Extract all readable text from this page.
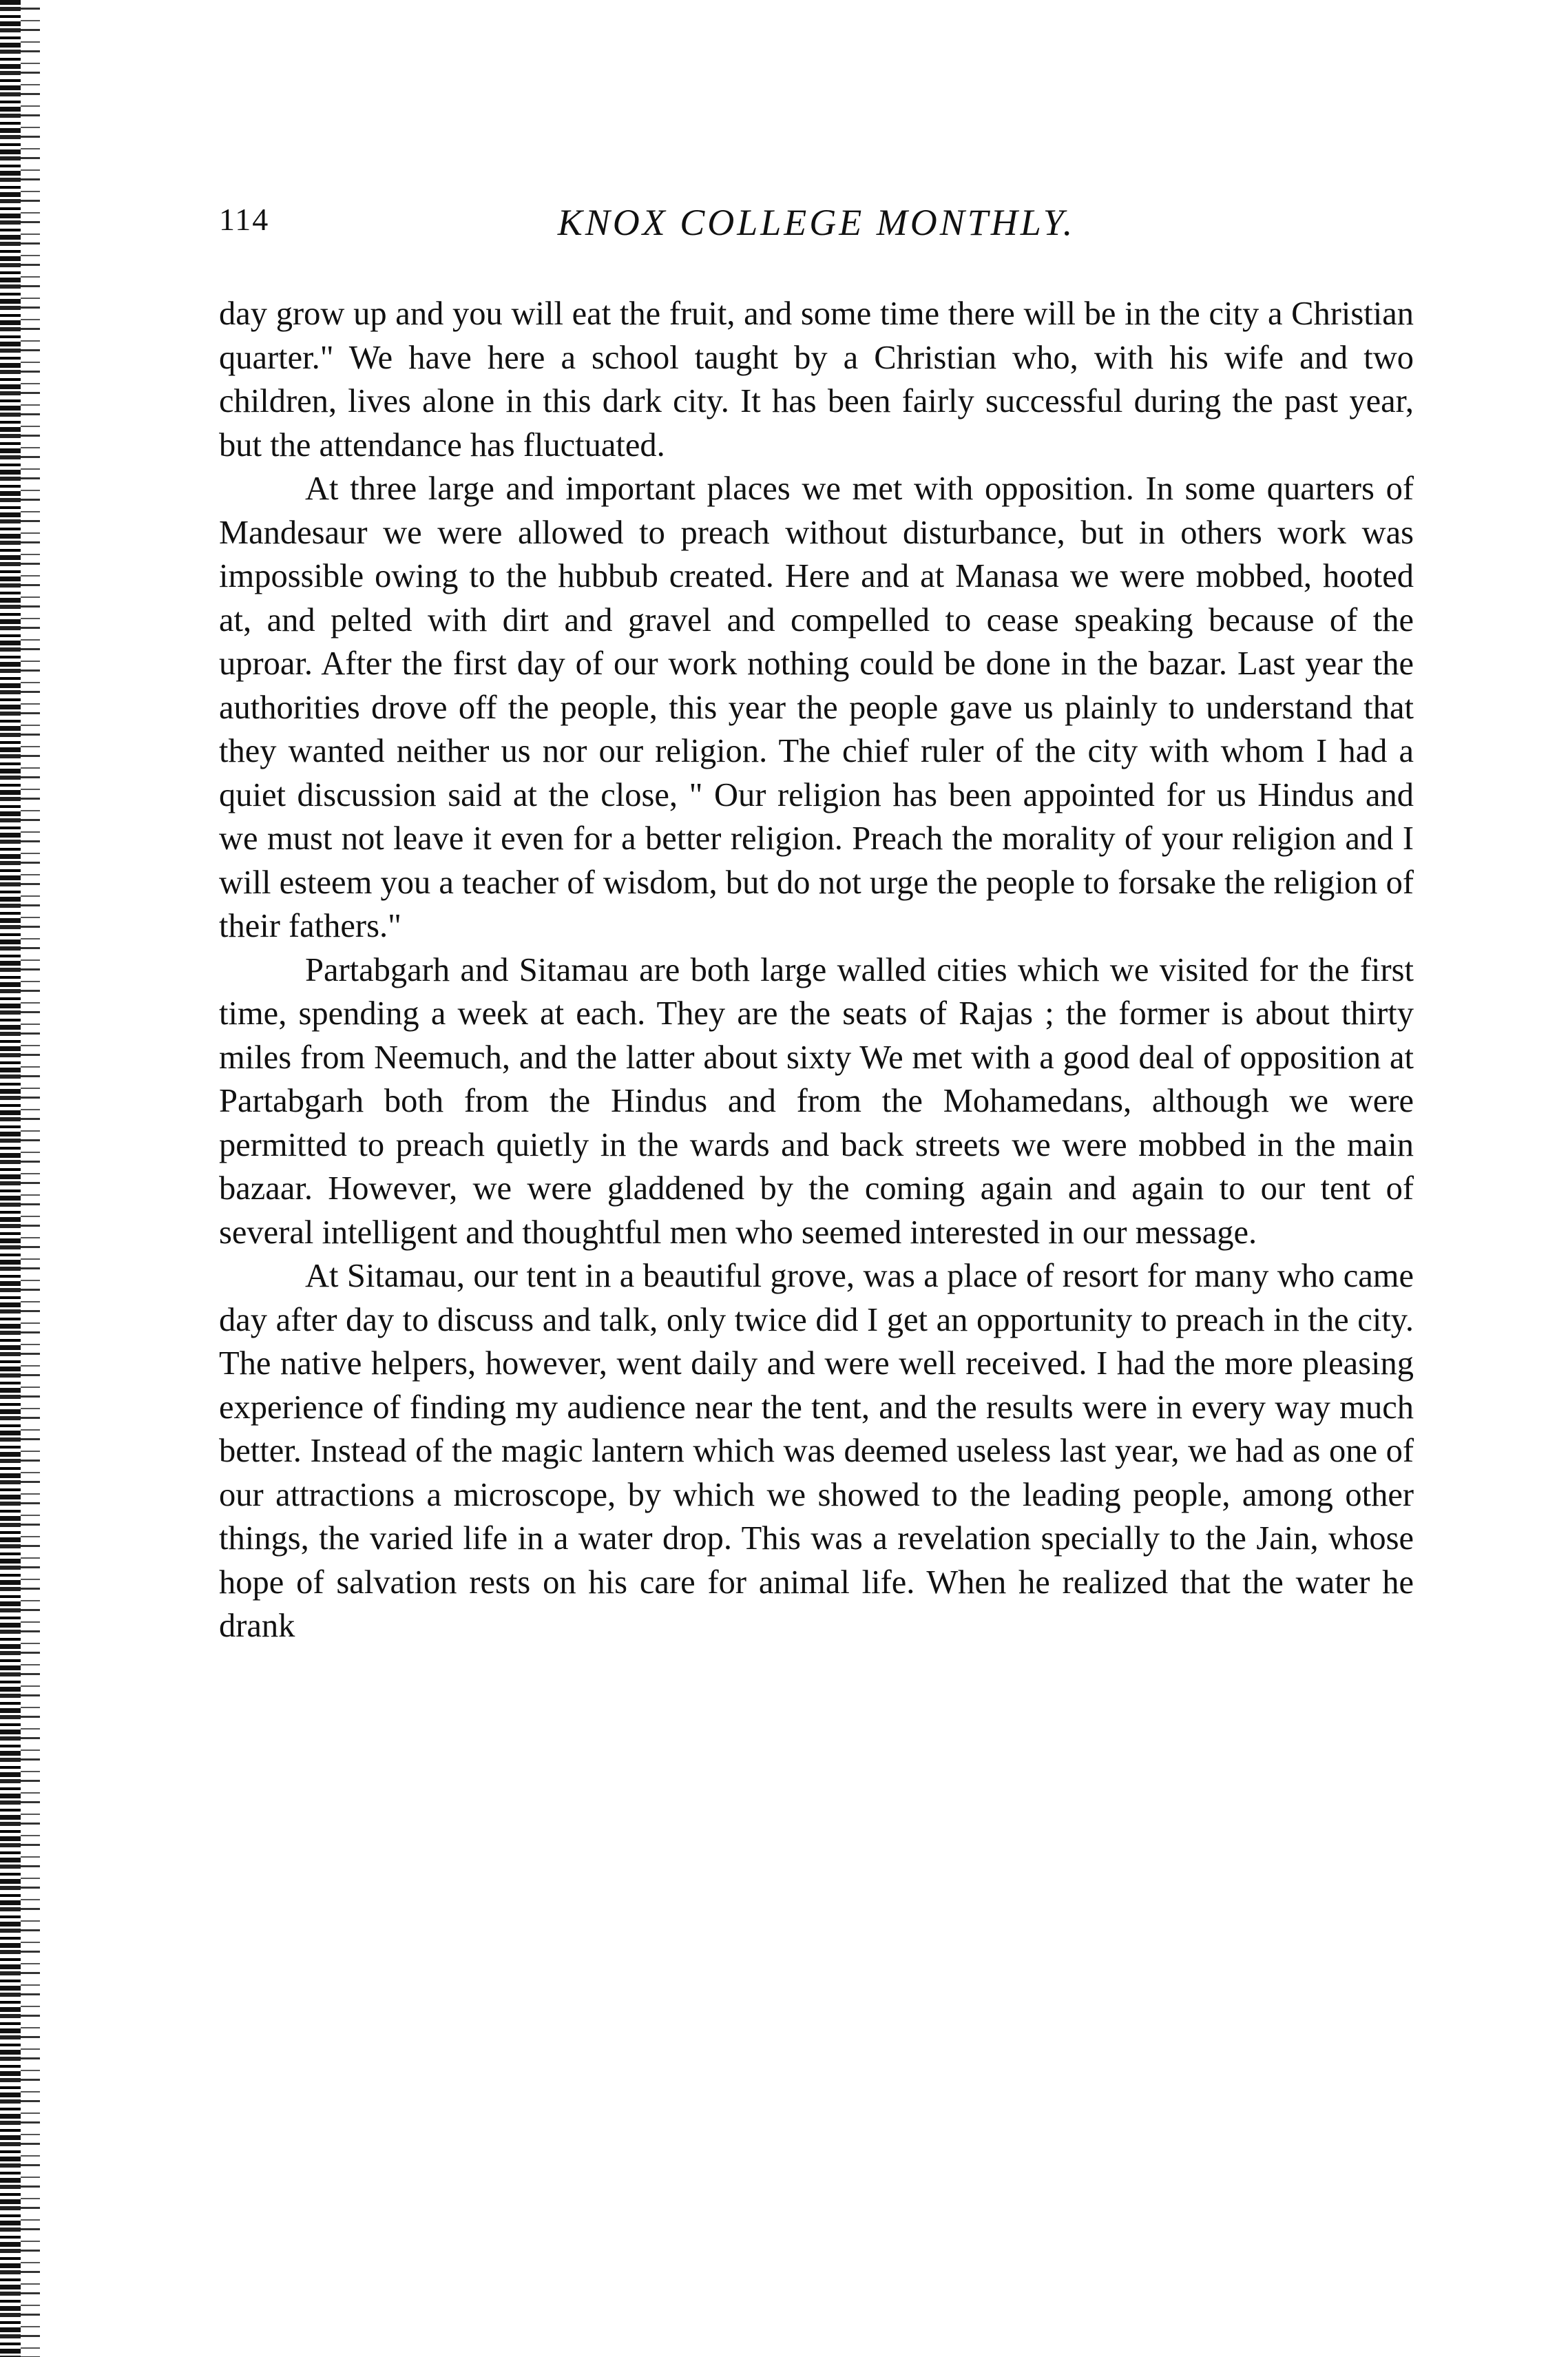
114	KNOX COLLEGE MONTHLY.

day grow up and you will eat the fruit, and some time there will be in the city a Christian quarter." We have here a school taught by a Christian who, with his wife and two children, lives alone in this dark city. It has been fairly successful during the past year, but the attendance has fluctuated.

At three large and important places we met with opposition. In some quarters of Mandesaur we were allowed to preach without disturbance, but in others work was impossible owing to the hubbub created. Here and at Manasa we were mobbed, hooted at, and pelted with dirt and gravel and compelled to cease speaking because of the uproar. After the first day of our work nothing could be done in the bazar. Last year the authorities drove off the people, this year the people gave us plainly to understand that they wanted neither us nor our religion. The chief ruler of the city with whom I had a quiet discussion said at the close, " Our religion has been appointed for us Hindus and we must not leave it even for a better religion. Preach the morality of your religion and I will esteem you a teacher of wisdom, but do not urge the people to forsake the religion of their fathers."

Partabgarh and Sitamau are both large walled cities which we visited for the first time, spending a week at each. They are the seats of Rajas ; the former is about thirty miles from Neemuch, and the latter about sixty We met with a good deal of opposition at Partabgarh both from the Hindus and from the Mohamedans, although we were permitted to preach quietly in the wards and back streets we were mobbed in the main bazaar. However, we were gladdened by the coming again and again to our tent of several intelligent and thoughtful men who seemed interested in our message.

At Sitamau, our tent in a beautiful grove, was a place of resort for many who came day after day to discuss and talk, only twice did I get an opportunity to preach in the city. The native helpers, however, went daily and were well received. I had the more pleasing experience of finding my audience near the tent, and the results were in every way much better. Instead of the magic lantern which was deemed useless last year, we had as one of our attractions a microscope, by which we showed to the leading people, among other things, the varied life in a water drop. This was a revelation specially to the Jain, whose hope of salvation rests on his care for animal life. When he realized that the water he drank
